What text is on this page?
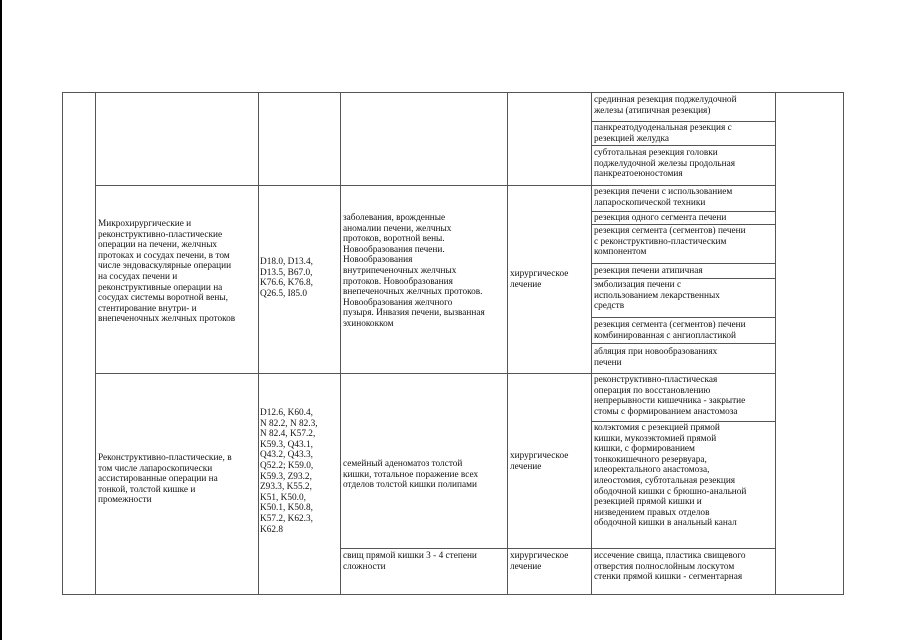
срединная резекция поджелудочной
железы (атипичная резекция)
панкреатодуоденальная резекция с
резекцией желудка
субтотальная резекция головки
поджелудочной железы продольная
панкреатоеюностомия
Микрохирургические и
реконструктивно-пластические
операции на печени, желчных
протоках и сосудах печени, в том
числе эндоваскулярные операции
на сосудах печени и
реконструктивные операции на
сосудах системы воротной вены,
стентирование внутри- и
внепеченочных желчных протоков
D18.0, D13.4,
D13.5, B67.0,
K76.6, K76.8,
Q26.5, I85.0
заболевания, врожденные
аномалии печени, желчных
протоков, воротной вены.
Новообразования печени.
Новообразования
внутрипеченочных желчных
протоков. Новообразования
внепеченочных желчных протоков.
Новообразования желчного
пузыря. Инвазия печени, вызванная
эхинококком
хирургическое
лечение
резекция печени с использованием
лапароскопической техники
резекция одного сегмента печени
резекция сегмента (сегментов) печени
с реконструктивно-пластическим
компонентом
резекция печени атипичная
эмболизация печени с
использованием лекарственных
средств
резекция сегмента (сегментов) печени
комбинированная с ангиопластикой
абляция при новообразованиях
печени
Реконструктивно-пластические, в
том числе лапароскопически
ассистированные операции на
тонкой, толстой кишке и
промежности
D12.6, K60.4,
N 82.2, N 82.3,
N 82.4, K57.2,
K59.3, Q43.1,
Q43.2, Q43.3,
Q52.2; K59.0,
K59.3, Z93.2,
Z93.3, K55.2,
K51, K50.0,
K50.1, K50.8,
K57.2, K62.3,
K62.8
семейный аденоматоз толстой
кишки, тотальное поражение всех
отделов толстой кишки полипами
хирургическое
лечение
реконструктивно-пластическая
операция по восстановлению
непрерывности кишечника - закрытие
стомы с формированием анастомоза
колэктомия с резекцией прямой
кишки, мукозэктомией прямой
кишки, с формированием
тонкокишечного резервуара,
илеоректального анастомоза,
илеостомия, субтотальная резекция
ободочной кишки с брюшно-анальной
резекцией прямой кишки и
низведением правых отделов
ободочной кишки в анальный канал
свищ прямой кишки 3 - 4 степени
сложности
хирургическое
лечение
иссечение свища, пластика свищевого
отверстия полнослойным лоскутом
стенки прямой кишки - сегментарная
